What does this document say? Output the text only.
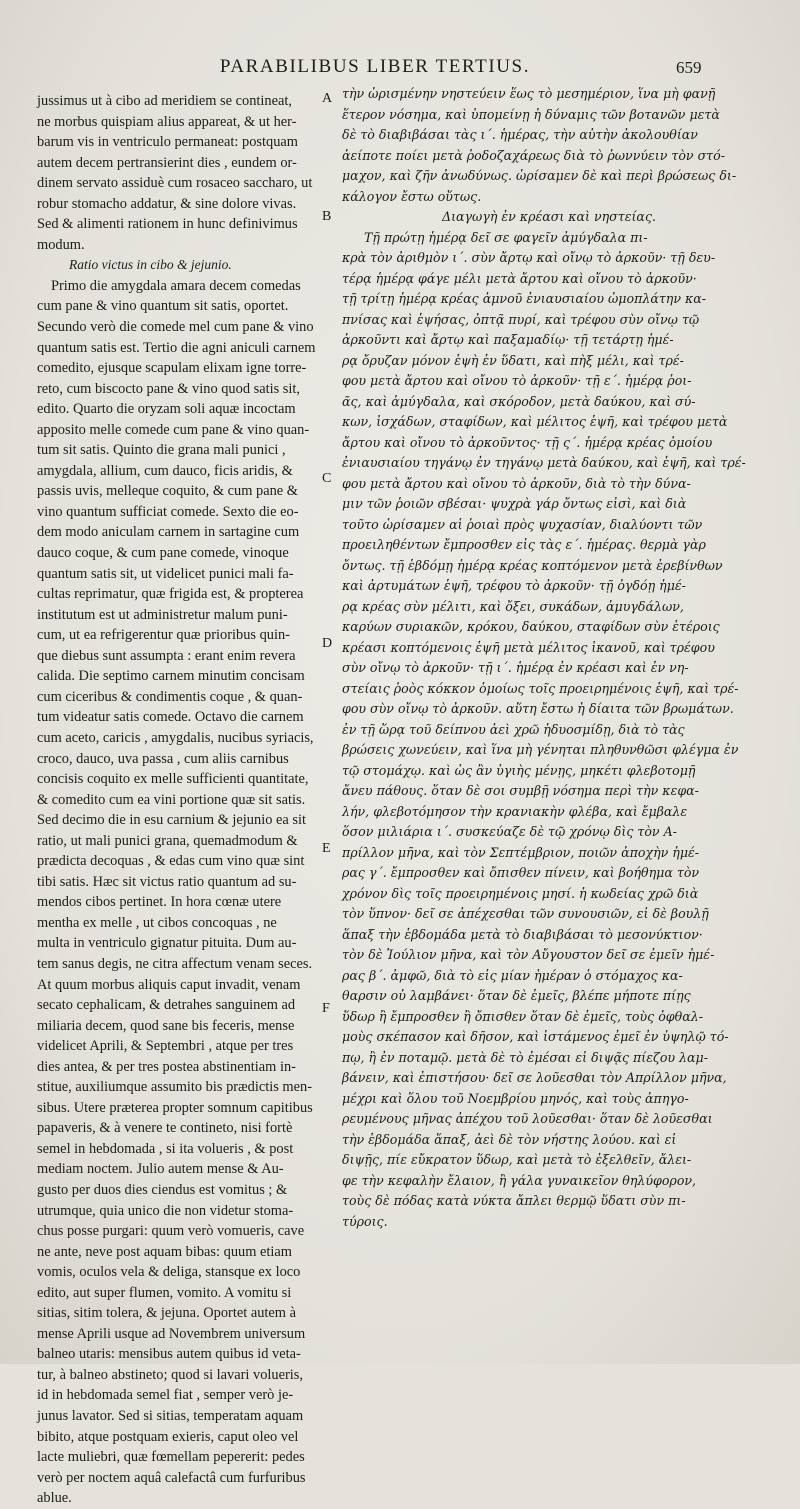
PARABILIBUS LIBER TERTIUS.	659
jussimus ut à cibo ad meridiem se contineat,
ne morbus quispiam alius appareat, & ut her-
barum vis in ventriculo permaneat: postquam
autem decem pertransierint dies , eundem or-
dinem servato assiduè cum rosaceo saccharo, ut
robur stomacho addatur, & sine dolore vivas.
Sed & alimenti rationem in hunc definivimus
modum.
Ratio victus in cibo & jejunio.
Primo die amygdala amara decem comedas
cum pane & vino quantum sit satis, oportet.
Secundo verò die comede mel cum pane & vino
quantum satis est. Tertio die agni aniculi carnem
comedito, ejusque scapulam elixam igne torre-
reto, cum biscocto pane & vino quod satis sit,
edito. Quarto die oryzam soli aquæ incoctam
apposito melle comede cum pane & vino quan-
tum sit satis. Quinto die grana mali punici ,
amygdala, allium, cum dauco, ficis aridis, &
passis uvis, melleque coquito, & cum pane &
vino quantum sufficiat comede. Sexto die eo-
dem modo aniculam carnem in sartagine cum
dauco coque, & cum pane comede, vinoque
quantum satis sit, ut videlicet punici mali fa-
cultas reprimatur, quæ frigida est, & propterea
institutum est ut administretur malum puni-
cum, ut ea refrigerentur quæ prioribus quin-
que diebus sunt assumpta : erant enim revera
calida. Die septimo carnem minutim concisam
cum ciceribus & condimentis coque , & quan-
tum videatur satis comede. Octavo die carnem
cum aceto, caricis , amygdalis, nucibus syriacis,
croco, dauco, uva passa , cum aliis carnibus
concisis coquito ex melle sufficienti quantitate,
& comedito cum ea vini portione quæ sit satis.
Sed decimo die in esu carnium & jejunio ea sit
ratio, ut mali punici grana, quemadmodum &
prædicta decoquas , & edas cum vino quæ sint
tibi satis. Hæc sit victus ratio quantum ad su-
mendos cibos pertinet. In hora cœnæ utere
mentha ex melle , ut cibos concoquas , ne
multa in ventriculo gignatur pituita. Dum au-
tem sanus degis, ne citra affectum venam seces.
At quum morbus aliquis caput invadit, venam
secato cephalicam, & detrahes sanguinem ad
miliaria decem, quod sane bis feceris, mense
videlicet Aprili, & Septembri , atque per tres
dies antea, & per tres postea abstinentiam in-
stitue, auxiliumque assumito bis prædictis men-
sibus. Utere præterea propter somnum capitibus
papaveris, & à venere te contineto, nisi fortè
semel in hebdomada , si ita volueris , & post
mediam noctem. Julio autem mense & Au-
gusto per duos dies ciendus est vomitus ; &
utrumque, quia unico die non videtur stoma-
chus posse purgari: quum verò vomueris, cave
ne ante, neve post aquam bibas: quum etiam
vomis, oculos vela & deliga, stansque ex loco
edito, aut super flumen, vomito. A vomitu si
sitias, sitim tolera, & jejuna. Oportet autem à
mense Aprili usque ad Novembrem universum
balneo utaris: mensibus autem quibus id veta-
tur, à balneo abstineto; quod si lavari volueris,
id in hebdomada semel fiat , semper verò je-
junus lavator. Sed si sitias, temperatam aquam
bibito, atque postquam exieris, caput oleo vel
lacte muliebri, quæ fœmellam pepererit: pedes
verò per noctem aquâ calefactâ cum furfuribus
ablue.
A
B
C
D
E
F
τὴν ὡρισμένην νηστεύειν ἕως τὸ μεσημέριον, ἵνα μὴ φανῇ
ἕτερον νόσημα, καὶ ὑπομείνῃ ἡ δύναμις τῶν βοτανῶν μετὰ
δὲ τὸ διαβιβάσαι τὰς ι΄. ἡμέρας, τὴν αὐτὴν ἀκολουθίαν
ἀείποτε ποίει μετὰ ῥοδοζαχάρεως διὰ τὸ ῥωννύειν τὸν στό-
μαχον, καὶ ζῆν ἀνωδύνως. ὡρίσαμεν δὲ καὶ περὶ βρώσεως δι-
κάλογον ἔστω οὕτως.
Διαγωγὴ ἐν κρέασι καὶ νηστείας.
Τῇ πρώτῃ ἡμέρᾳ δεῖ σε φαγεῖν ἀμύγδαλα πι-
κρὰ τὸν ἀριθμὸν ι΄. σὺν ἄρτῳ καὶ οἴνῳ τὸ ἀρκοῦν· τῇ δευ-
τέρᾳ ἡμέρᾳ φάγε μέλι μετὰ ἄρτου καὶ οἴνου τὸ ἀρκοῦν·
τῇ τρίτῃ ἡμέρᾳ κρέας ἀμνοῦ ἐνιαυσιαίου ὠμοπλάτην κα-
πνίσας καὶ ἑψήσας, ὀπτᾷ πυρί, καὶ τρέφου σὺν οἴνῳ τῷ
ἀρκοῦντι καὶ ἄρτῳ καὶ παξαμαδίῳ· τῇ τετάρτῃ ἡμέ-
ρᾳ ὄρυζαν μόνον ἑψὴ ἐν ὕδατι, καὶ πὴξ μέλι, καὶ τρέ-
φου μετὰ ἄρτου καὶ οἴνου τὸ ἀρκοῦν· τῇ ε΄. ἡμέρᾳ ῥοι-
ᾶς, καὶ ἀμύγδαλα, καὶ σκόροδον, μετὰ δαύκου, καὶ σύ-
κων, ἰσχάδων, σταφίδων, καὶ μέλιτος ἑψῆ, καὶ τρέφου μετὰ
ἄρτου καὶ οἴνου τὸ ἀρκοῦντος· τῇ ς΄. ἡμέρᾳ κρέας ὁμοίου
ἐνιαυσιαίου τηγάνῳ ἐν τηγάνῳ μετὰ δαύκου, καὶ ἑψῆ, καὶ τρέ-
φου μετὰ ἄρτου καὶ οἴνου τὸ ἀρκοῦν, διὰ τὸ τὴν δύνα-
μιν τῶν ῥοιῶν σβέσαι· ψυχρὰ γάρ ὄντως εἰσὶ, καὶ διὰ
τοῦτο ὡρίσαμεν αἱ ῥοιαὶ πρὸς ψυχασίαν, διαλύοντι τῶν
προειληθέντων ἔμπροσθεν εἰς τὰς ε΄. ἡμέρας. θερμὰ γὰρ
ὄντως. τῇ ἑβδόμῃ ἡμέρᾳ κρέας κοπτόμενον μετὰ ἐρεβίνθων
καὶ ἀρτυμάτων ἑψῆ, τρέφου τὸ ἀρκοῦν· τῇ ὀγδόῃ ἡμέ-
ρᾳ κρέας σὺν μέλιτι, καὶ ὄξει, συκάδων, ἀμυγδάλων,
καρύων συριακῶν, κρόκου, δαύκου, σταφίδων σὺν ἑτέροις
κρέασι κοπτόμενοις ἑψῆ μετὰ μέλιτος ἱκανοῦ, καὶ τρέφου
σὺν οἴνῳ τὸ ἀρκοῦν· τῇ ι΄. ἡμέρᾳ ἐν κρέασι καὶ ἐν νη-
στείαις ῥοὸς κόκκον ὁμοίως τοῖς προειρημένοις ἑψῆ, καὶ τρέ-
φου σὺν οἴνῳ τὸ ἀρκοῦν. αὕτη ἔστω ἡ δίαιτα τῶν βρωμάτων.
ἐν τῇ ὥρᾳ τοῦ δείπνου ἀεὶ χρῶ ἡδυοσμίδῃ, διὰ τὸ τὰς
βρώσεις χωνεύειν, καὶ ἵνα μὴ γένηται πληθυνθῶσι φλέγμα ἐν
τῷ στομάχῳ. καὶ ὡς ἂν ὑγιὴς μένῃς, μηκέτι φλεβοτομῇ
ἄνευ πάθους. ὅταν δὲ σοι συμβῇ νόσημα περὶ τὴν κεφα-
λήν, φλεβοτόμησον τὴν κρανιακὴν φλέβα, καὶ ἔμβαλε
ὅσον μιλιάρια ι΄. συσκεύαζε δὲ τῷ χρόνῳ δὶς τὸν Α-
πρίλλον μῆνα, καὶ τὸν Σεπτέμβριον, ποιῶν ἀποχὴν ἡμέ-
ρας γ΄. ἔμπροσθεν καὶ ὄπισθεν πίνειν, καὶ βοήθημα τὸν
χρόνον δὶς τοῖς προειρημένοις μησί. ἡ κωδείας χρῶ διὰ
τὸν ὕπνον· δεῖ σε ἀπέχεσθαι τῶν συνουσιῶν, εἰ δὲ βουλῇ
ἅπαξ τὴν ἑβδομάδα μετὰ τὸ διαβιβάσαι τὸ μεσονύκτιον·
τὸν δὲ Ἰούλιον μῆνα, καὶ τὸν Αὔγουστον δεῖ σε ἐμεῖν ἡμέ-
ρας β΄. ἀμφῶ, διὰ τὸ εἰς μίαν ἡμέραν ὁ στόμαχος κα-
θαρσιν οὐ λαμβάνει· ὅταν δὲ ἐμεῖς, βλέπε μήποτε πίῃς
ὕδωρ ἢ ἔμπροσθεν ἢ ὄπισθεν ὅταν δὲ ἐμεῖς, τοὺς ὀφθαλ-
μοὺς σκέπασον καὶ δῆσον, καὶ ἱστάμενος ἐμεῖ ἐν ὑψηλῷ τό-
πῳ, ἢ ἐν ποταμῷ. μετὰ δὲ τὸ ἐμέσαι εἰ διψᾷς πίεζου λαμ-
βάνειν, καὶ ἐπιστήσου· δεῖ σε λοῦεσθαι τὸν Απρίλλον μῆνα,
μέχρι καὶ ὅλου τοῦ Νοεμβρίου μηνός, καὶ τοὺς ἀπηγο-
ρευμένους μῆνας ἀπέχου τοῦ λοῦεσθαι· ὅταν δὲ λοῦεσθαι
τὴν ἑβδομάδα ἅπαξ, ἀεὶ δὲ τὸν νήστης λούου. καὶ εἰ
διψῇς, πίε εὔκρατον ὕδωρ, καὶ μετὰ τὸ ἐξελθεῖν, ἄλει-
φε τὴν κεφαλὴν ἔλαιον, ἢ γάλα γυναικεῖον θηλύφορον,
τοὺς δὲ πόδας κατὰ νύκτα ἄπλει θερμῷ ὕδατι σὺν πι-
τύροις.
